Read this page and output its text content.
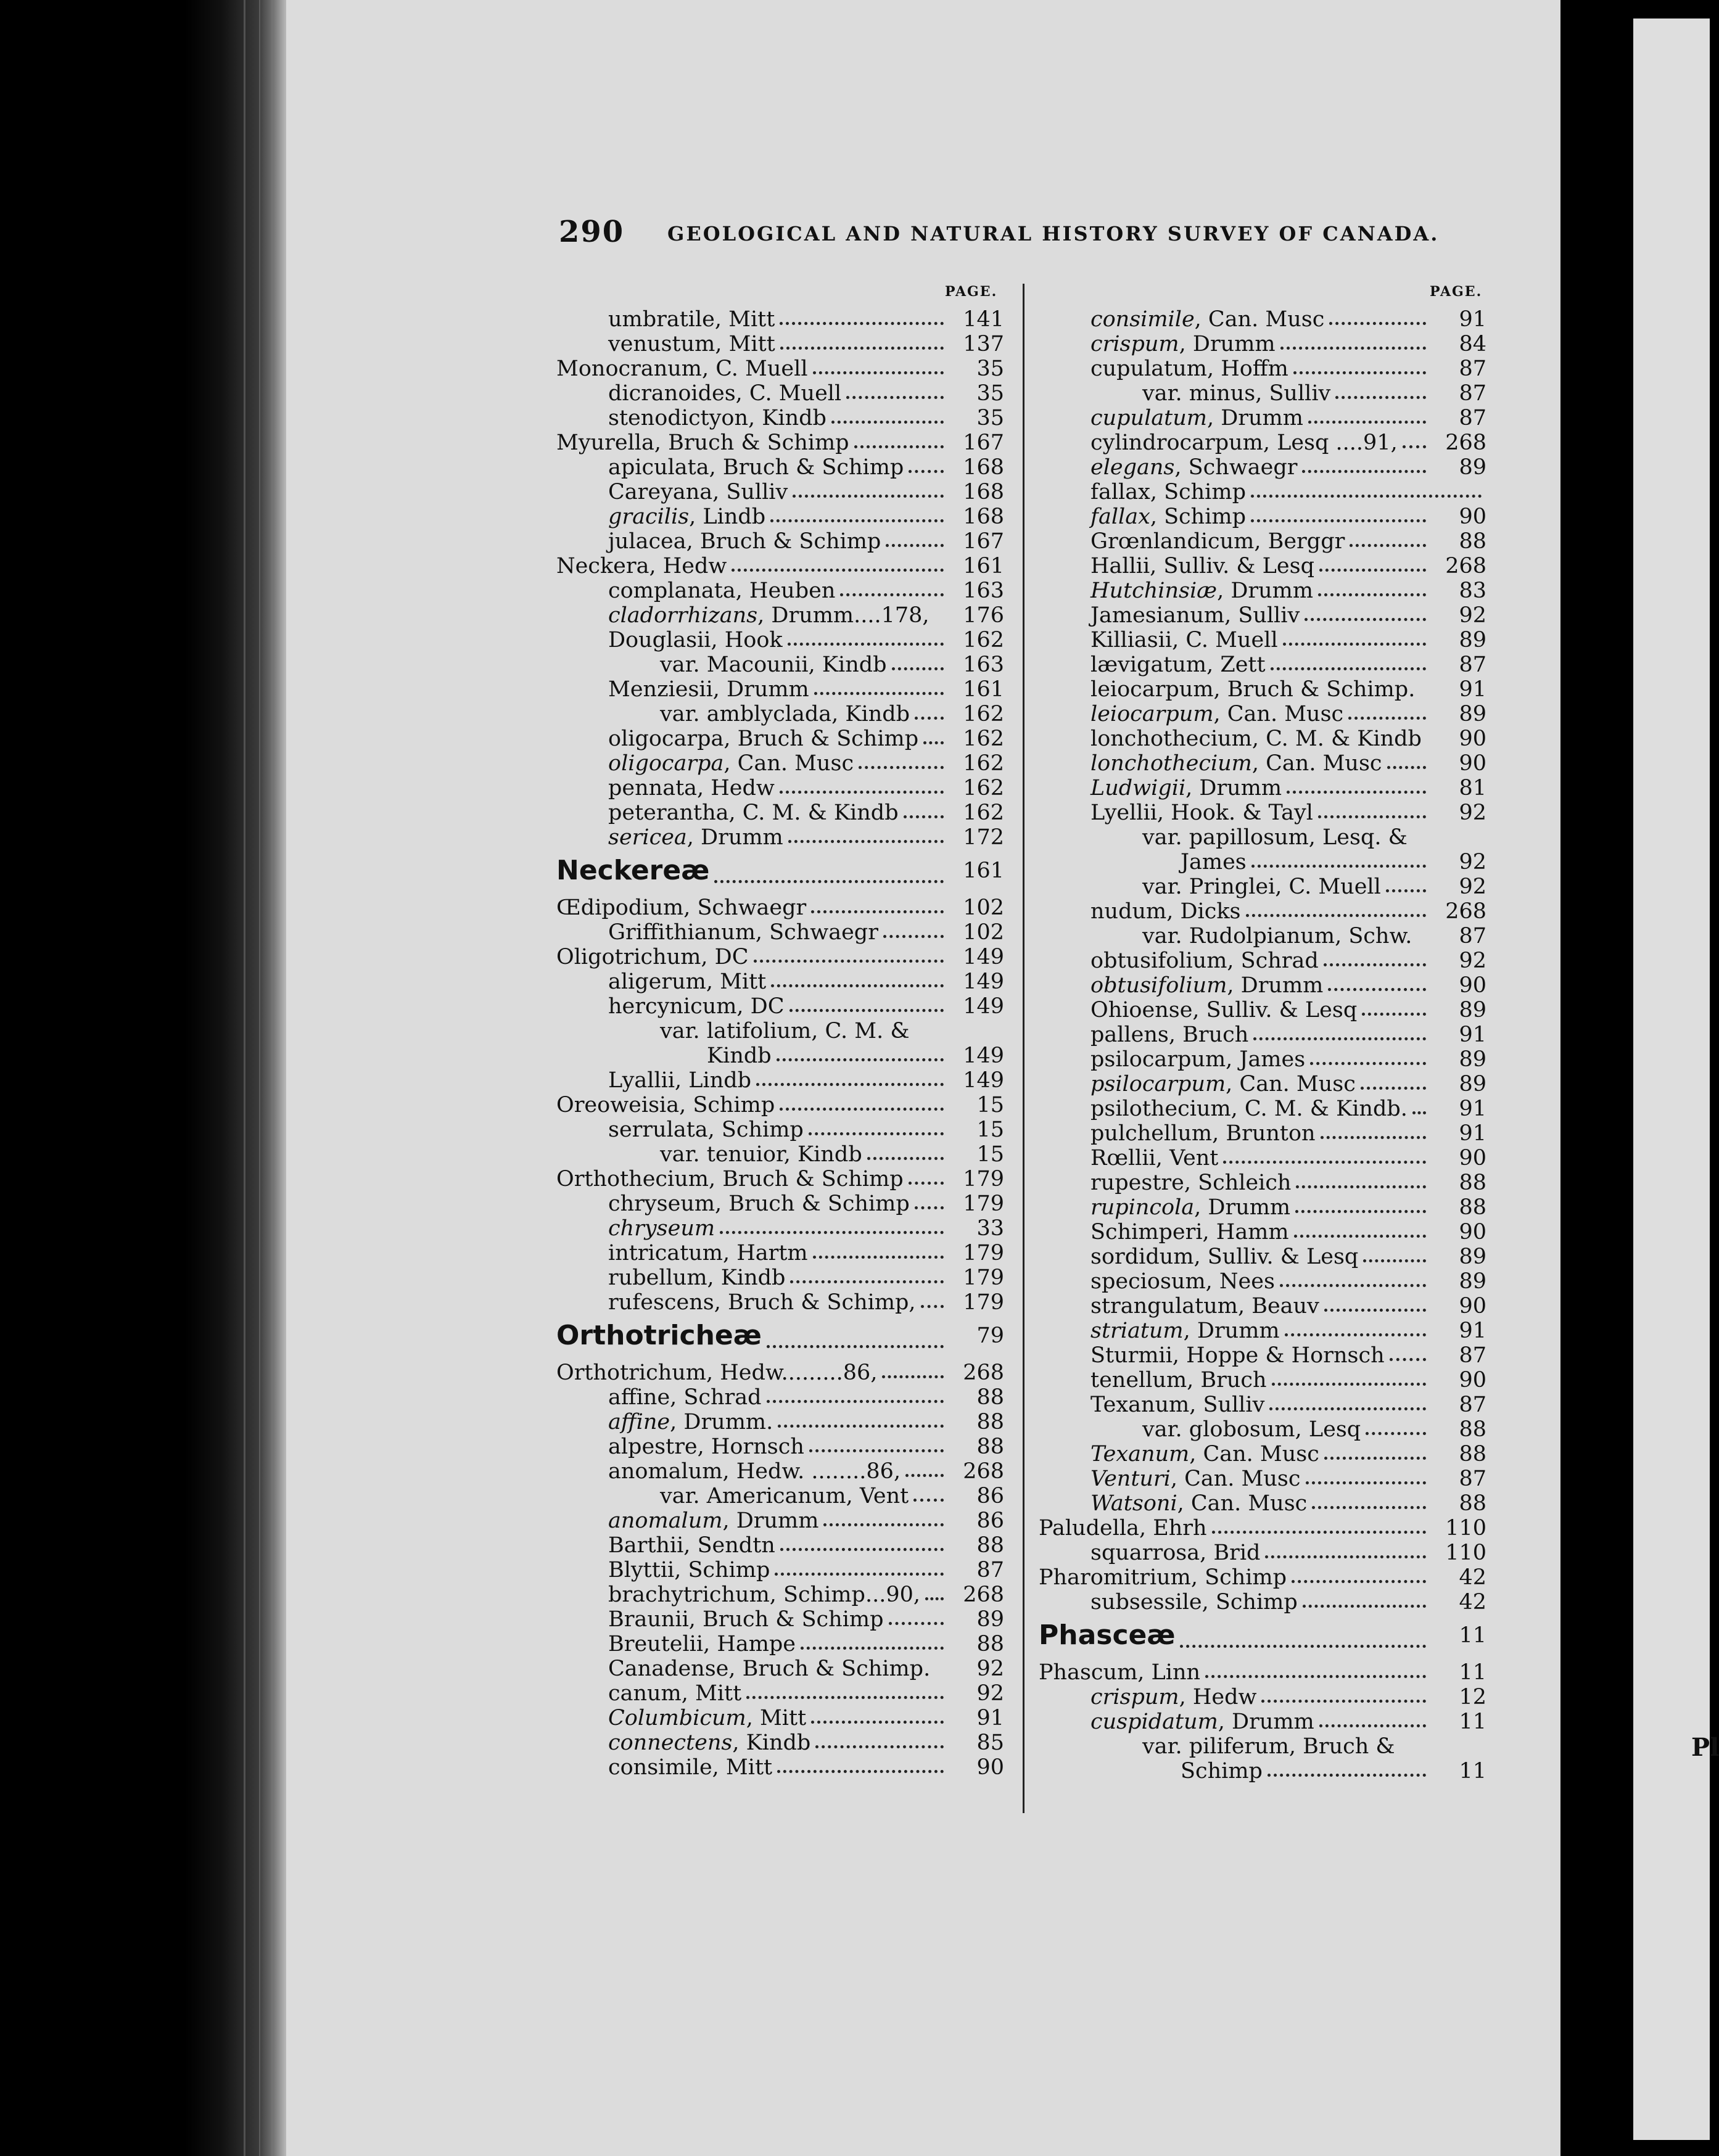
Pl
290 GEOLOGICAL AND NATURAL HISTORY SURVEY OF CANADA.
PAGE.	PAGE.
umbratile, Mitt	141
venustum, Mitt	137
Monocranum, C. Muell	35
dicranoides, C. Muell	35
stenodictyon, Kindb	35
Myurella, Bruch & Schimp	167
apiculata, Bruch & Schimp	168
Careyana, Sulliv	168
gracilis, Lindb	168
julacea, Bruch & Schimp	167
Neckera, Hedw	161
complanata, Heuben	163
cladorrhizans, Drumm....178,	176
Douglasii, Hook	162
var. Macounii, Kindb	163
Menziesii, Drumm	161
var. amblyclada, Kindb	162
oligocarpa, Bruch & Schimp	162
oligocarpa, Can. Musc	162
pennata, Hedw	162
peterantha, C. M. & Kindb	162
sericea, Drumm	172
Neckereæ	161
Œdipodium, Schwaegr	102
Griffithianum, Schwaegr	102
Oligotrichum, DC	149
aligerum, Mitt	149
hercynicum, DC	149
var. latifolium, C. M. &
Kindb	149
Lyallii, Lindb	149
Oreoweisia, Schimp	15
serrulata, Schimp	15
var. tenuior, Kindb	15
Orthothecium, Bruch & Schimp	179
chryseum, Bruch & Schimp	179
chryseum	33
intricatum, Hartm	179
rubellum, Kindb	179
rufescens, Bruch & Schimp,	179
Orthotricheæ	79
Orthotrichum, Hedw.........86,	268
affine, Schrad	88
affine, Drumm.	88
alpestre, Hornsch	88
anomalum, Hedw. ........86,	268
var. Americanum, Vent	86
anomalum, Drumm	86
Barthii, Sendtn	88
Blyttii, Schimp	87
brachytrichum, Schimp...90,	268
Braunii, Bruch & Schimp	89
Breutelii, Hampe	88
Canadense, Bruch & Schimp.	92
canum, Mitt	92
Columbicum, Mitt	91
connectens, Kindb	85
consimile, Mitt	90
consimile, Can. Musc	91
crispum, Drumm	84
cupulatum, Hoffm	87
var. minus, Sulliv	87
cupulatum, Drumm	87
cylindrocarpum, Lesq ....91,	268
elegans, Schwaegr	89
fallax, Schimp
fallax, Schimp	90
Grœnlandicum, Berggr	88
Hallii, Sulliv. & Lesq	268
Hutchinsiæ, Drumm	83
Jamesianum, Sulliv	92
Killiasii, C. Muell	89
lævigatum, Zett	87
leiocarpum, Bruch & Schimp.	91
leiocarpum, Can. Musc	89
lonchothecium, C. M. & Kindb	90
lonchothecium, Can. Musc	90
Ludwigii, Drumm	81
Lyellii, Hook. & Tayl	92
var. papillosum, Lesq. &
James	92
var. Pringlei, C. Muell	92
nudum, Dicks	268
var. Rudolpianum, Schw.	87
obtusifolium, Schrad	92
obtusifolium, Drumm	90
Ohioense, Sulliv. & Lesq	89
pallens, Bruch	91
psilocarpum, James	89
psilocarpum, Can. Musc	89
psilothecium, C. M. & Kindb.	91
pulchellum, Brunton	91
Rœllii, Vent	90
rupestre, Schleich	88
rupincola, Drumm	88
Schimperi, Hamm	90
sordidum, Sulliv. & Lesq	89
speciosum, Nees	89
strangulatum, Beauv	90
striatum, Drumm	91
Sturmii, Hoppe & Hornsch	87
tenellum, Bruch	90
Texanum, Sulliv	87
var. globosum, Lesq	88
Texanum, Can. Musc	88
Venturi, Can. Musc	87
Watsoni, Can. Musc	88
Paludella, Ehrh	110
squarrosa, Brid	110
Pharomitrium, Schimp	42
subsessile, Schimp	42
Phasceæ	11
Phascum, Linn	11
crispum, Hedw	12
cuspidatum, Drumm	11
var. piliferum, Bruch &
Schimp	11
